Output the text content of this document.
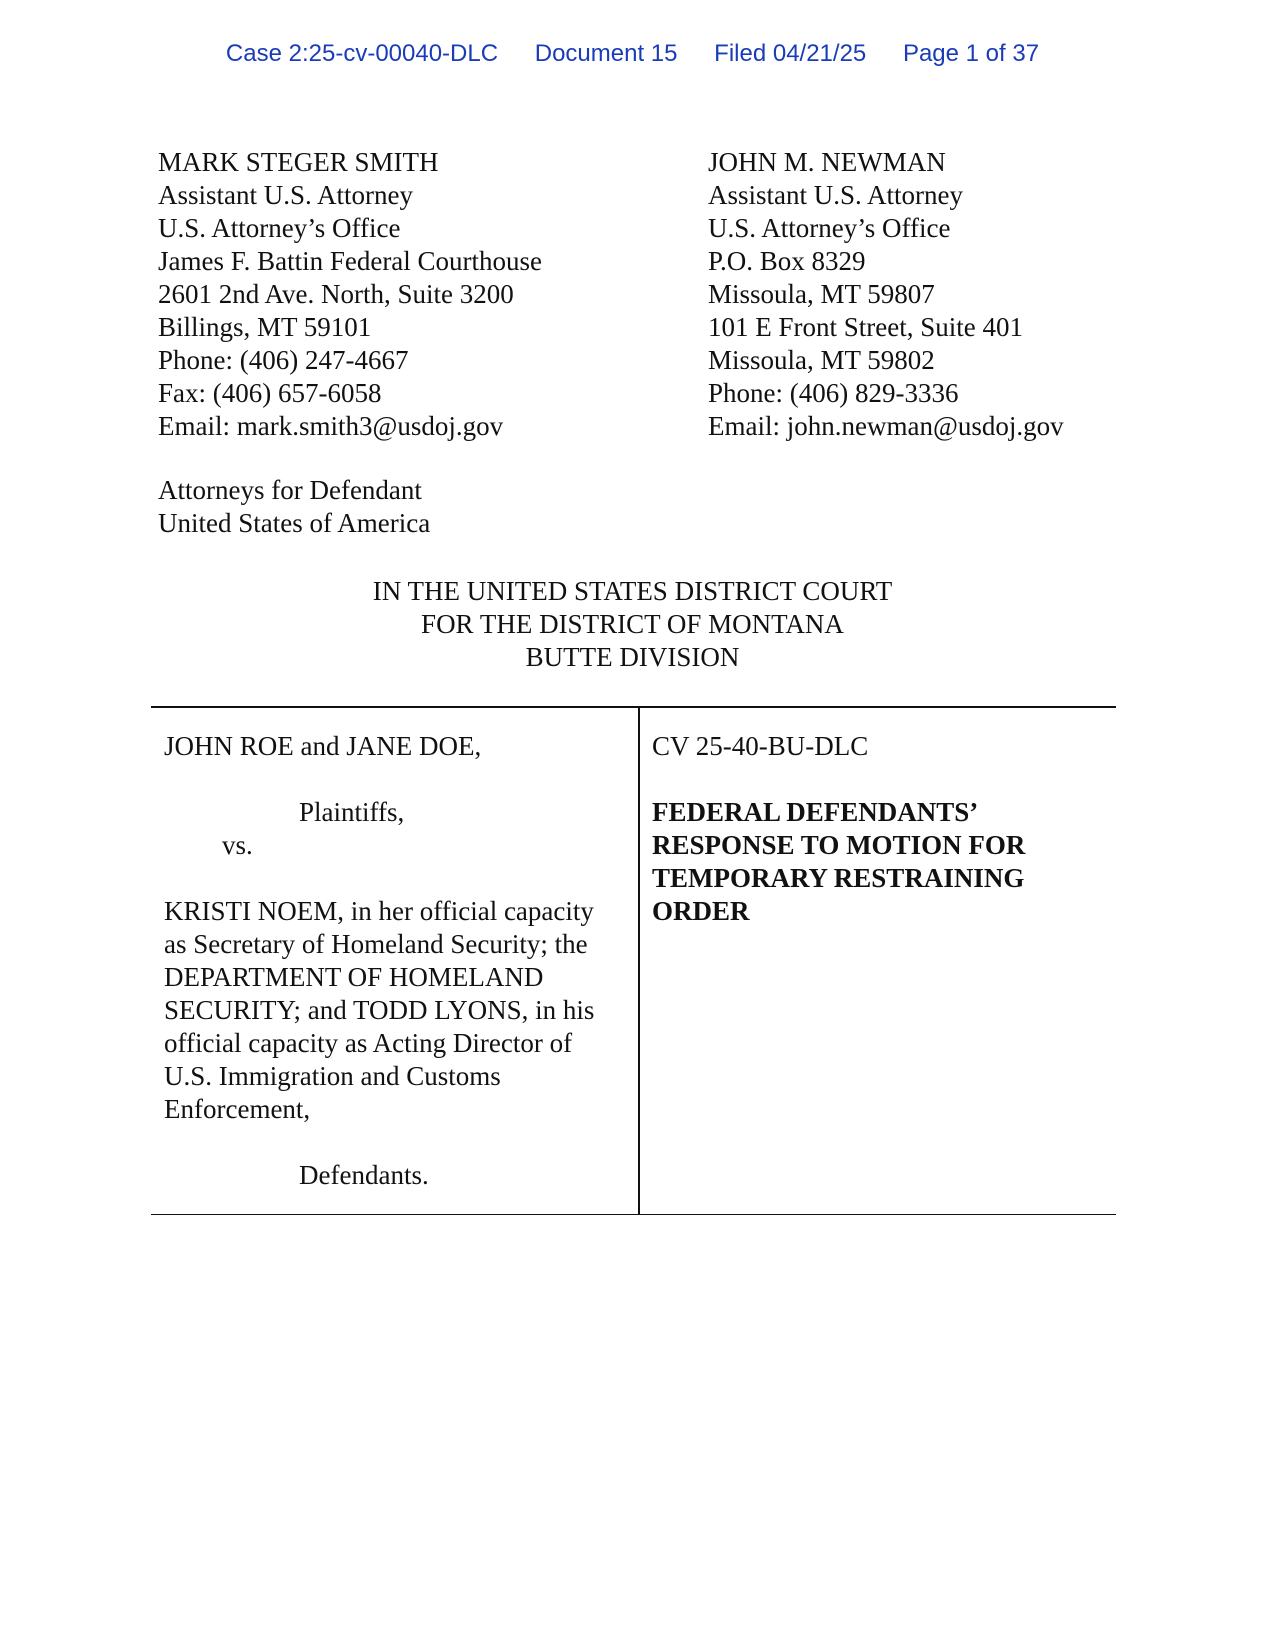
Case 2:25-cv-00040-DLC Document 15 Filed 04/21/25 Page 1 of 37
MARK STEGER SMITH
Assistant U.S. Attorney
U.S. Attorney’s Office
James F. Battin Federal Courthouse
2601 2nd Ave. North, Suite 3200
Billings, MT 59101
Phone: (406) 247-4667
Fax: (406) 657-6058
Email: mark.smith3@usdoj.gov
JOHN M. NEWMAN
Assistant U.S. Attorney
U.S. Attorney’s Office
P.O. Box 8329
Missoula, MT 59807
101 E Front Street, Suite 401
Missoula, MT 59802
Phone: (406) 829-3336
Email: john.newman@usdoj.gov
Attorneys for Defendant
United States of America
IN THE UNITED STATES DISTRICT COURT
FOR THE DISTRICT OF MONTANA
BUTTE DIVISION
JOHN ROE and JANE DOE,
Plaintiffs,
vs.
KRISTI NOEM, in her official capacity
as Secretary of Homeland Security; the
DEPARTMENT OF HOMELAND
SECURITY; and TODD LYONS, in his
official capacity as Acting Director of
U.S. Immigration and Customs
Enforcement,
Defendants.
CV 25-40-BU-DLC
FEDERAL DEFENDANTS’
RESPONSE TO MOTION FOR
TEMPORARY RESTRAINING
ORDER
